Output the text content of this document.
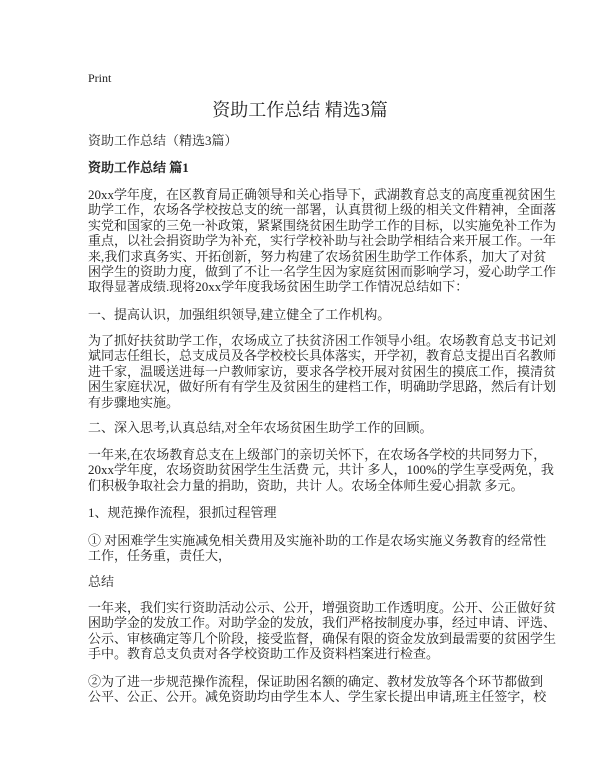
Print
资助工作总结 精选3篇
资助工作总结（精选3篇）
资助工作总结 篇1
20xx学年度，在区教育局正确领导和关心指导下，武湖教育总支的高度重视贫困生
助学工作，农场各学校按总支的统一部署，认真贯彻上级的相关文件精神，全面落
实党和国家的三免一补政策，紧紧围绕贫困生助学工作的目标，以实施免补工作为
重点，以社会捐资助学为补充，实行学校补助与社会助学相结合来开展工作。一年
来,我们求真务实、开拓创新，努力构建了农场贫困生助学工作体系，加大了对贫
困学生的资助力度，做到了不让一名学生因为家庭贫困而影响学习，爱心助学工作
取得显著成绩.现将20xx学年度我场贫困生助学工作情况总结如下：
一、提高认识，加强组织领导,建立健全了工作机构。
为了抓好扶贫助学工作，农场成立了扶贫济困工作领导小组。农场教育总支书记刘
斌同志任组长，总支成员及各学校校长具体落实，开学初，教育总支提出百名教师
进千家，温暖送进每一户教师家访，要求各学校开展对贫困生的摸底工作，摸清贫
困生家庭状况，做好所有有学生及贫困生的建档工作，明确助学思路，然后有计划
有步骤地实施。
二、深入思考,认真总结,对全年农场贫困生助学工作的回顾。
一年来,在农场教育总支在上级部门的亲切关怀下，在农场各学校的共同努力下，
20xx学年度，农场资助贫困学生生活费 元，共计 多人，100%的学生享受两免，我
们积极争取社会力量的捐助，资助，共计 人。农场全体师生爱心捐款 多元。
1、规范操作流程，狠抓过程管理
① 对困难学生实施减免相关费用及实施补助的工作是农场实施义务教育的经常性
工作，任务重，责任大，
总结
一年来，我们实行资助活动公示、公开，增强资助工作透明度。公开、公正做好贫
困助学金的发放工作。对助学金的发放，我们严格按制度办事，经过申请、评选、
公示、审核确定等几个阶段，接受监督，确保有限的资金发放到最需要的贫困学生
手中。教育总支负责对各学校资助工作及资料档案进行检查。
②为了进一步规范操作流程，保证助困名额的确定、教材发放等各个环节都做到
公平、公正、公开。减免资助均由学生本人、学生家长提出申请,班主任签字，校
